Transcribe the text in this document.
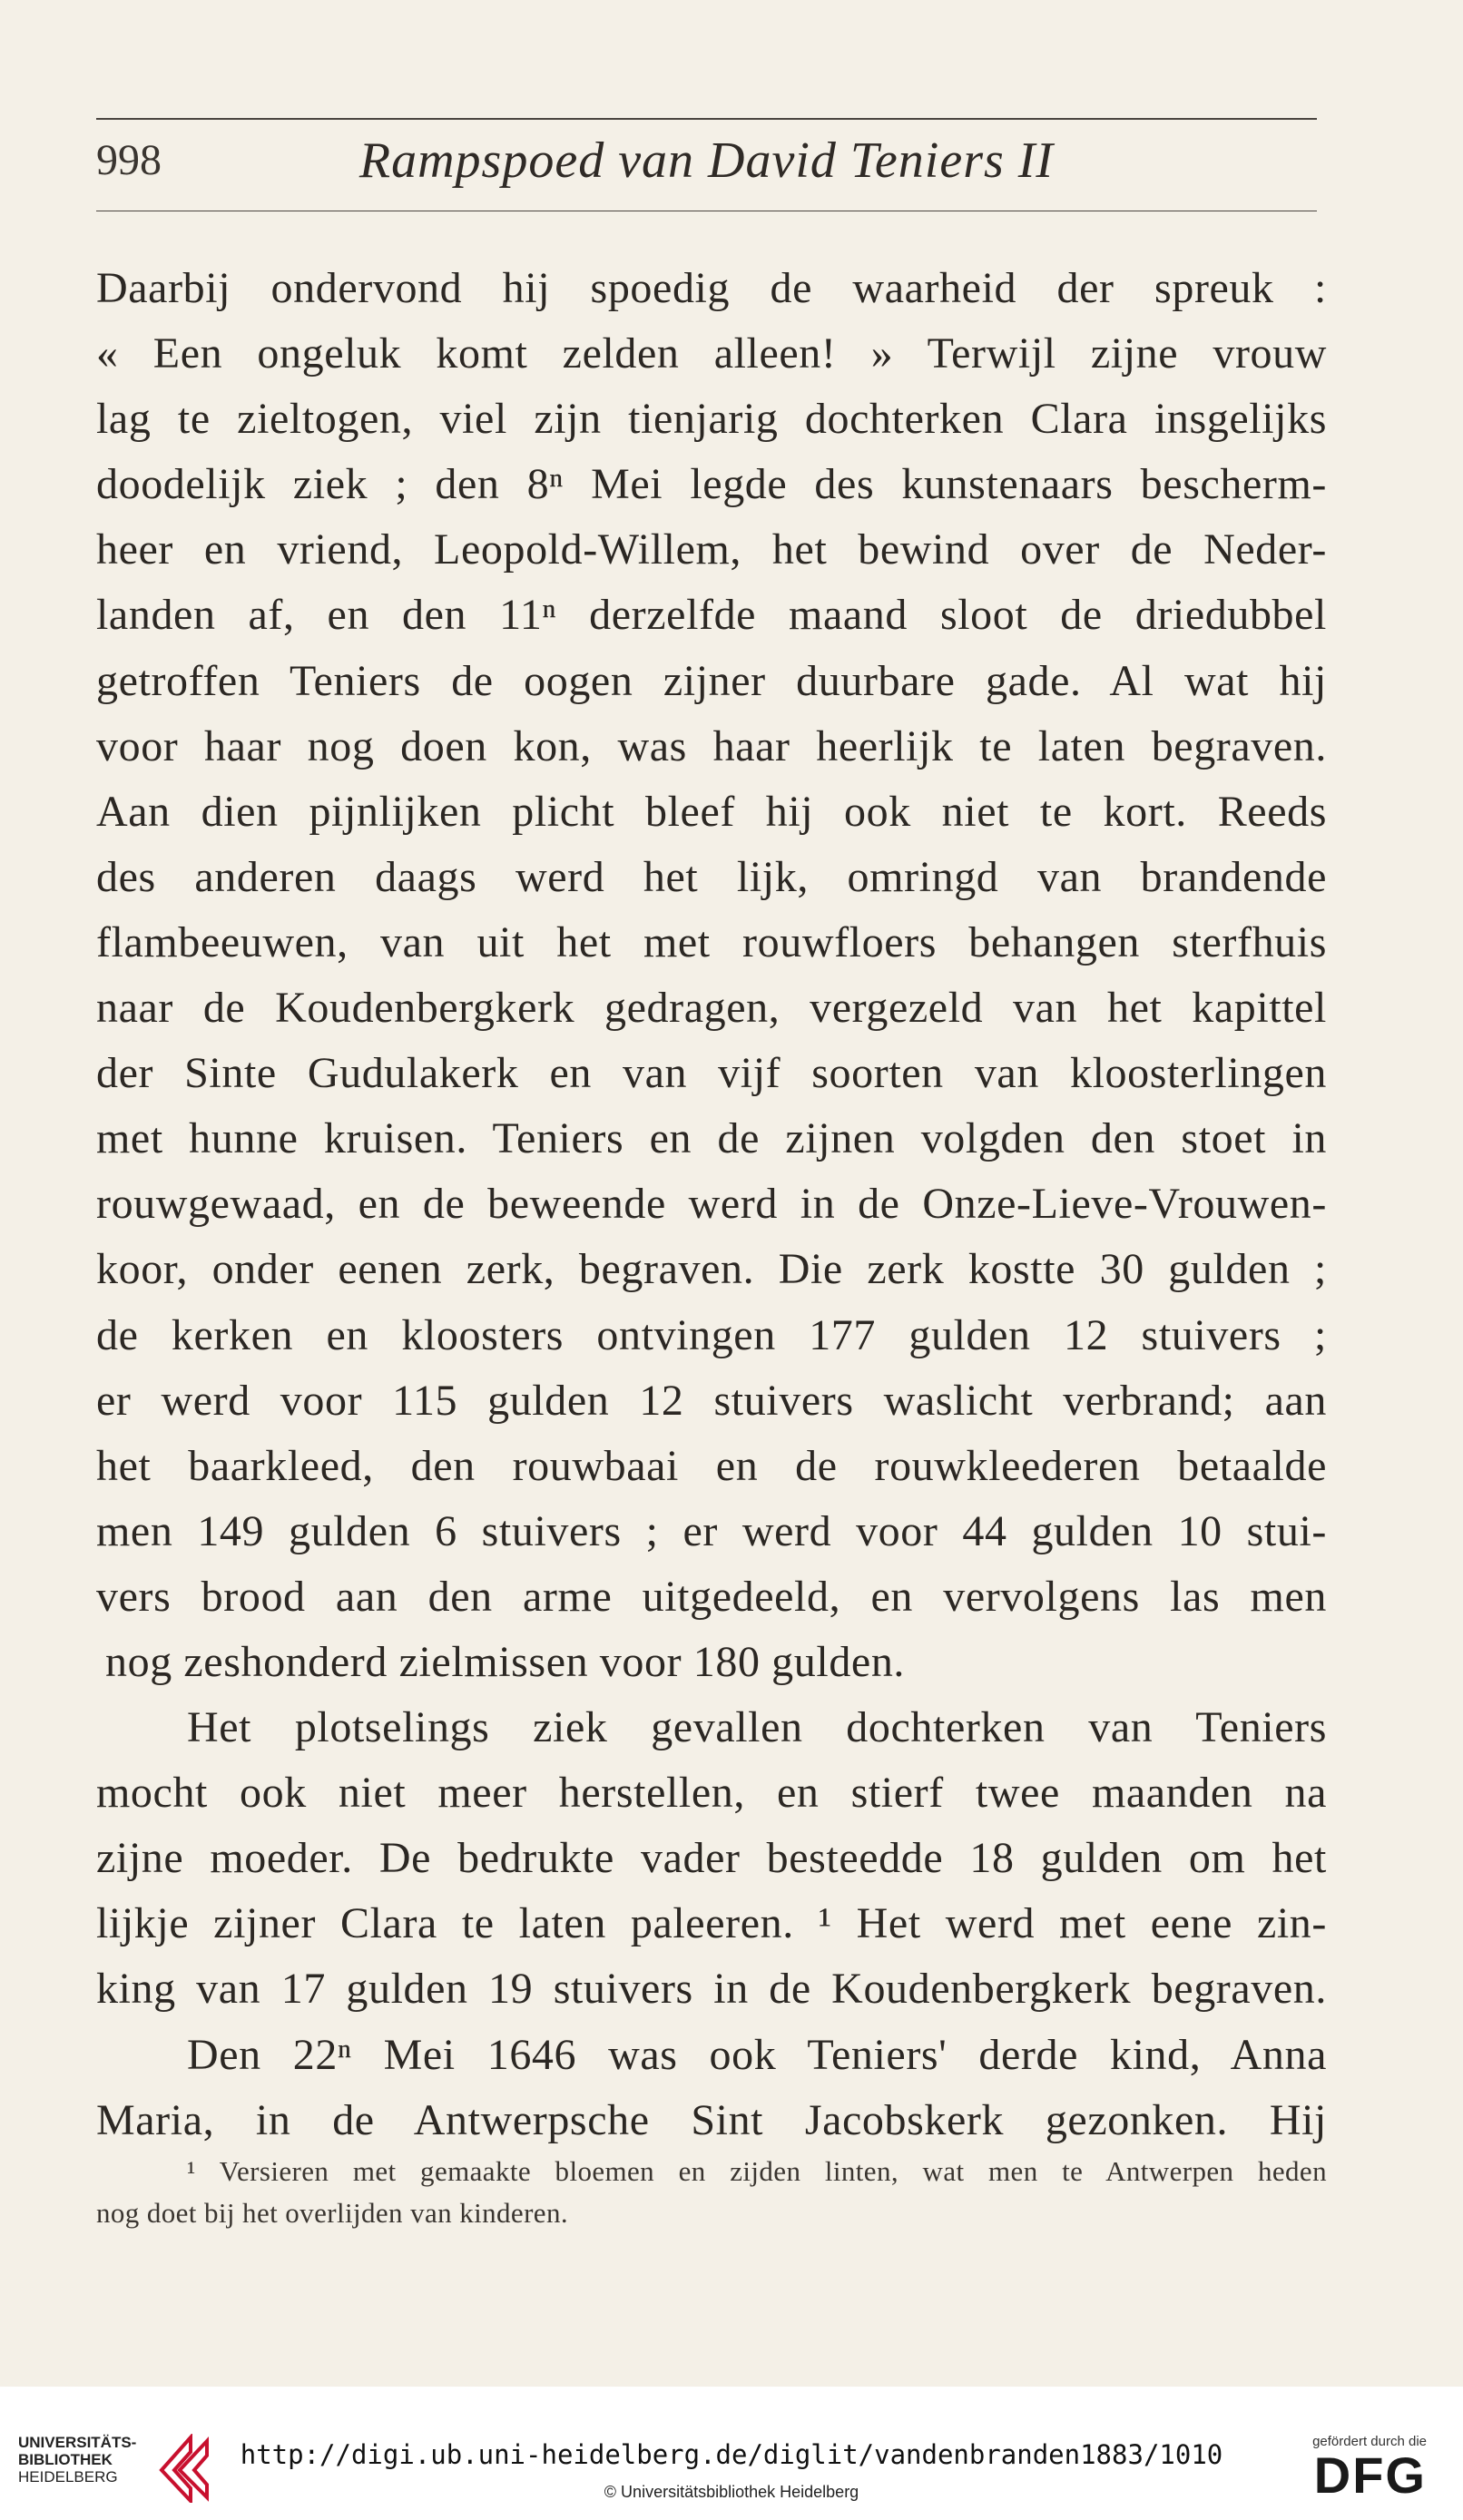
998	Rampspoed van David Teniers II
Daarbij ondervond hij spoedig de waarheid der spreuk :
« Een ongeluk komt zelden alleen! » Terwijl zijne vrouw
lag te zieltogen, viel zijn tienjarig dochterken Clara insgelijks
doodelijk ziek ; den 8ⁿ Mei legde des kunstenaars bescherm-
heer en vriend, Leopold-Willem, het bewind over de Neder-
landen af, en den 11ⁿ derzelfde maand sloot de driedubbel
getroffen Teniers de oogen zijner duurbare gade. Al wat hij
voor haar nog doen kon, was haar heerlijk te laten begraven.
Aan dien pijnlijken plicht bleef hij ook niet te kort. Reeds
des anderen daags werd het lijk, omringd van brandende
flambeeuwen, van uit het met rouwfloers behangen sterfhuis
naar de Koudenbergkerk gedragen, vergezeld van het kapittel
der Sinte Gudulakerk en van vijf soorten van kloosterlingen
met hunne kruisen. Teniers en de zijnen volgden den stoet in
rouwgewaad, en de beweende werd in de Onze-Lieve-Vrouwen-
koor, onder eenen zerk, begraven. Die zerk kostte 30 gulden ;
de kerken en kloosters ontvingen 177 gulden 12 stuivers ;
er werd voor 115 gulden 12 stuivers waslicht verbrand; aan
het baarkleed, den rouwbaai en de rouwkleederen betaalde
men 149 gulden 6 stuivers ; er werd voor 44 gulden 10 stui-
vers brood aan den arme uitgedeeld, en vervolgens las men
nog zeshonderd zielmissen voor 180 gulden.
Het plotselings ziek gevallen dochterken van Teniers
mocht ook niet meer herstellen, en stierf twee maanden na
zijne moeder. De bedrukte vader besteedde 18 gulden om het
lijkje zijner Clara te laten paleeren. ¹ Het werd met eene zin-
king van 17 gulden 19 stuivers in de Koudenbergkerk begraven.
Den 22ⁿ Mei 1646 was ook Teniers' derde kind, Anna
Maria, in de Antwerpsche Sint Jacobskerk gezonken. Hij
¹ Versieren met gemaakte bloemen en zijden linten, wat men te Antwerpen heden
nog doet bij het overlijden van kinderen.
UNIVERSITÄTS-
BIBLIOTHEK
HEIDELBERG
http://digi.ub.uni-heidelberg.de/diglit/vandenbranden1883/1010
© Universitätsbibliothek Heidelberg
gefördert durch die
DFG
